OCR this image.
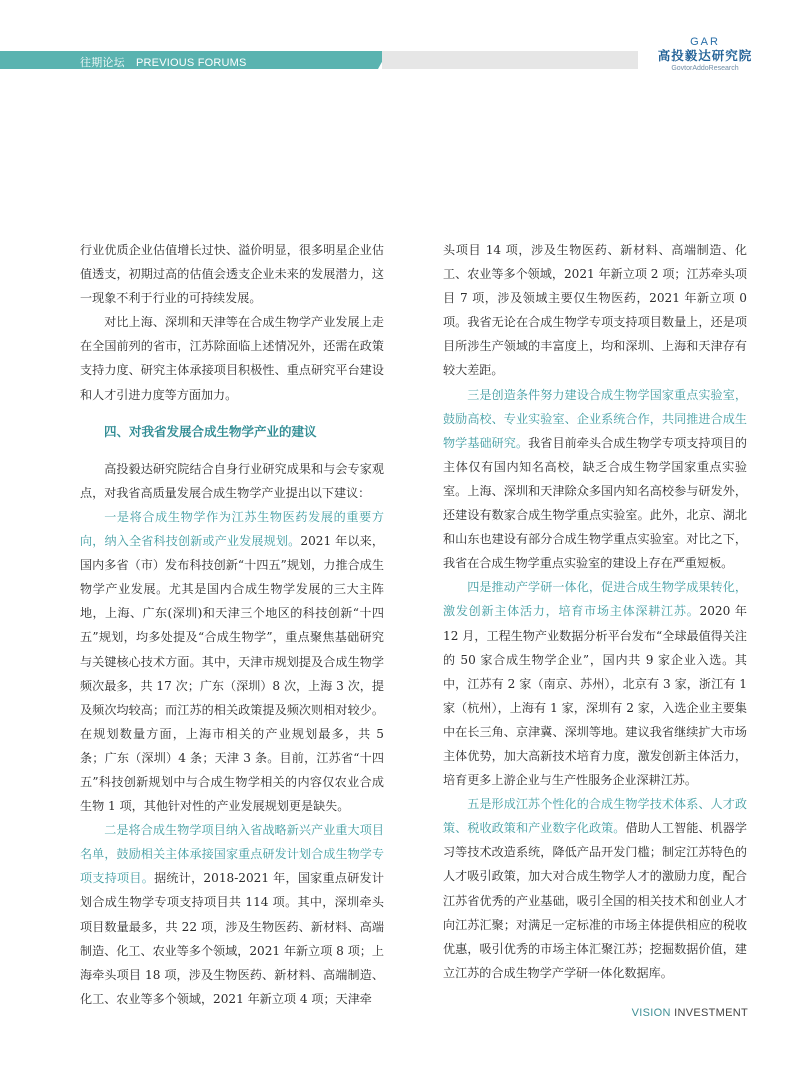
往期论坛　PREVIOUS FORUMS
GAR
高投毅达研究院
GovtorAddoResearch

行业优质企业估值增长过快、溢价明显，很多明星企业估值透支，初期过高的估值会透支企业未来的发展潜力，这一现象不利于行业的可持续发展。

对比上海、深圳和天津等在合成生物学产业发展上走在全国前列的省市，江苏除面临上述情况外，还需在政策支持力度、研究主体承接项目积极性、重点研究平台建设和人才引进力度等方面加力。

四、对我省发展合成生物学产业的建议

高投毅达研究院结合自身行业研究成果和与会专家观点，对我省高质量发展合成生物学产业提出以下建议：

一是将合成生物学作为江苏生物医药发展的重要方向，纳入全省科技创新或产业发展规划。2021 年以来，国内多省（市）发布科技创新“十四五”规划，力推合成生物学产业发展。尤其是国内合成生物学发展的三大主阵地，上海、广东(深圳)和天津三个地区的科技创新“十四五”规划，均多处提及“合成生物学”，重点聚焦基础研究与关键核心技术方面。其中，天津市规划提及合成生物学频次最多，共 17 次；广东（深圳）8 次，上海 3 次，提及频次均较高；而江苏的相关政策提及频次则相对较少。在规划数量方面，上海市相关的产业规划最多，共 5 条；广东（深圳）4 条；天津 3 条。目前，江苏省“十四五”科技创新规划中与合成生物学相关的内容仅农业合成生物 1 项，其他针对性的产业发展规划更是缺失。

二是将合成生物学项目纳入省战略新兴产业重大项目名单，鼓励相关主体承接国家重点研发计划合成生物学专项支持项目。据统计，2018-2021 年，国家重点研发计划合成生物学专项支持项目共 114 项。其中，深圳牵头项目数量最多，共 22 项，涉及生物医药、新材料、高端制造、化工、农业等多个领域，2021 年新立项 8 项；上海牵头项目 18 项，涉及生物医药、新材料、高端制造、化工、农业等多个领域，2021 年新立项 4 项；天津牵

头项目 14 项，涉及生物医药、新材料、高端制造、化工、农业等多个领域，2021 年新立项 2 项；江苏牵头项目 7 项，涉及领域主要仅生物医药，2021 年新立项 0 项。我省无论在合成生物学专项支持项目数量上，还是项目所涉生产领域的丰富度上，均和深圳、上海和天津存有较大差距。

三是创造条件努力建设合成生物学国家重点实验室，鼓励高校、专业实验室、企业系统合作，共同推进合成生物学基础研究。我省目前牵头合成生物学专项支持项目的主体仅有国内知名高校，缺乏合成生物学国家重点实验室。上海、深圳和天津除众多国内知名高校参与研发外，还建设有数家合成生物学重点实验室。此外，北京、湖北和山东也建设有部分合成生物学重点实验室。对比之下，我省在合成生物学重点实验室的建设上存在严重短板。

四是推动产学研一体化，促进合成生物学成果转化，激发创新主体活力，培育市场主体深耕江苏。2020 年 12 月，工程生物产业数据分析平台发布“全球最值得关注的 50 家合成生物学企业”，国内共 9 家企业入选。其中，江苏有 2 家（南京、苏州），北京有 3 家，浙江有 1 家（杭州），上海有 1 家，深圳有 2 家，入选企业主要集中在长三角、京津冀、深圳等地。建议我省继续扩大市场主体优势，加大高新技术培育力度，激发创新主体活力，培育更多上游企业与生产性服务企业深耕江苏。

五是形成江苏个性化的合成生物学技术体系、人才政策、税收政策和产业数字化政策。借助人工智能、机器学习等技术改造系统，降低产品开发门槛；制定江苏特色的人才吸引政策，加大对合成生物学人才的激励力度，配合江苏省优秀的产业基础，吸引全国的相关技术和创业人才向江苏汇聚；对满足一定标准的市场主体提供相应的税收优惠，吸引优秀的市场主体汇聚江苏；挖掘数据价值，建立江苏的合成生物学产学研一体化数据库。

VISION INVESTMENT
